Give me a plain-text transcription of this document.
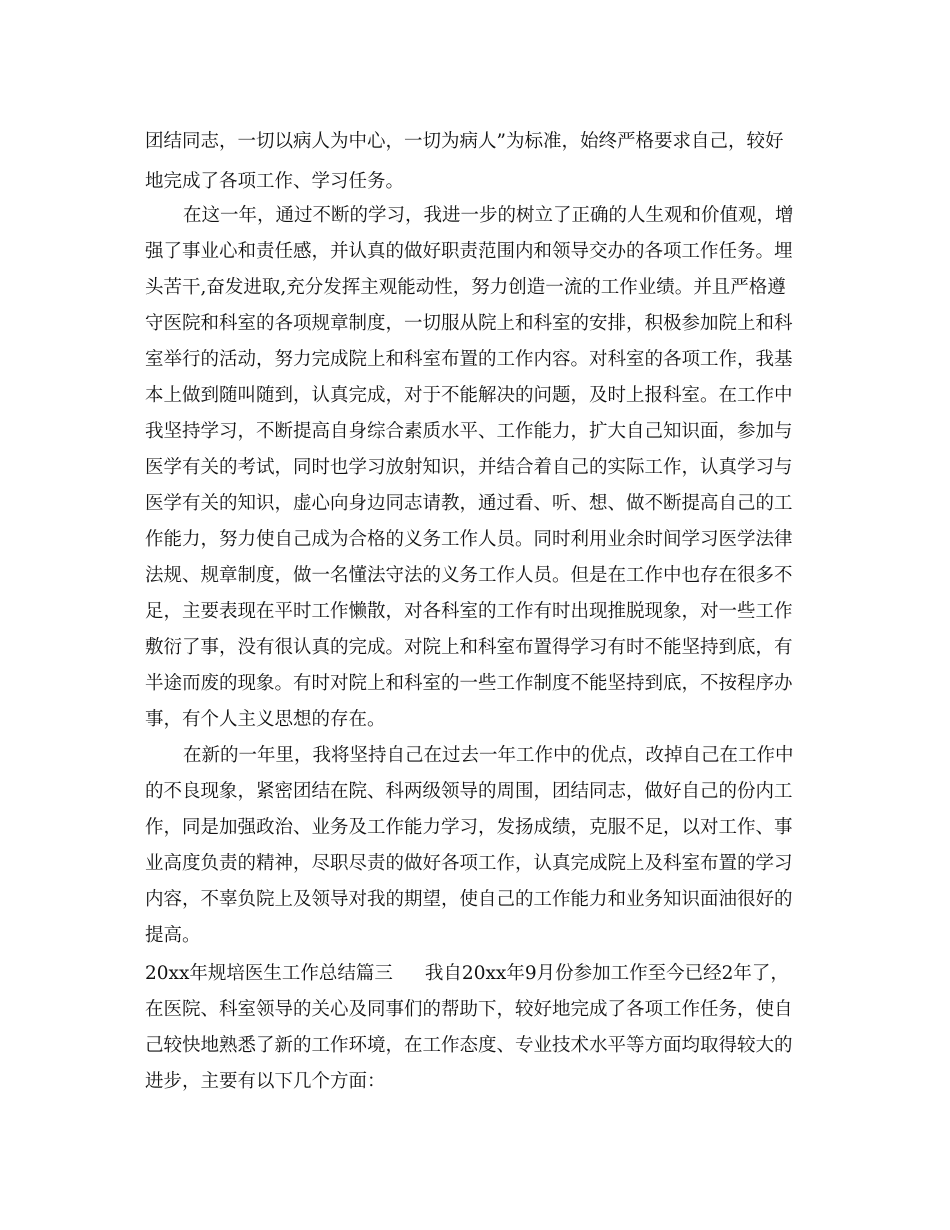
团结同志，一切以病人为中心，一切为病人”为标准，始终严格要求自己，较好

地完成了各项工作、学习任务。

在这一年，通过不断的学习，我进一步的树立了正确的人生观和价值观，增

强了事业心和责任感，并认真的做好职责范围内和领导交办的各项工作任务。埋

头苦干,奋发进取,充分发挥主观能动性，努力创造一流的工作业绩。并且严格遵

守医院和科室的各项规章制度，一切服从院上和科室的安排，积极参加院上和科

室举行的活动，努力完成院上和科室布置的工作内容。对科室的各项工作，我基

本上做到随叫随到，认真完成，对于不能解决的问题，及时上报科室。在工作中

我坚持学习，不断提高自身综合素质水平、工作能力，扩大自己知识面，参加与

医学有关的考试，同时也学习放射知识，并结合着自己的实际工作，认真学习与

医学有关的知识，虚心向身边同志请教，通过看、听、想、做不断提高自己的工

作能力，努力使自己成为合格的义务工作人员。同时利用业余时间学习医学法律

法规、规章制度，做一名懂法守法的义务工作人员。但是在工作中也存在很多不

足，主要表现在平时工作懒散，对各科室的工作有时出现推脱现象，对一些工作

敷衍了事，没有很认真的完成。对院上和科室布置得学习有时不能坚持到底，有

半途而废的现象。有时对院上和科室的一些工作制度不能坚持到底，不按程序办

事，有个人主义思想的存在。

在新的一年里，我将坚持自己在过去一年工作中的优点，改掉自己在工作中

的不良现象，紧密团结在院、科两级领导的周围，团结同志，做好自己的份内工

作，同是加强政治、业务及工作能力学习，发扬成绩，克服不足，以对工作、事

业高度负责的精神，尽职尽责的做好各项工作，认真完成院上及科室布置的学习

内容，不辜负院上及领导对我的期望，使自己的工作能力和业务知识面油很好的

提高。

20xx年规培医生工作总结篇三 我自20xx年9月份参加工作至今已经2年了，

在医院、科室领导的关心及同事们的帮助下，较好地完成了各项工作任务，使自

己较快地熟悉了新的工作环境，在工作态度、专业技术水平等方面均取得较大的

进步，主要有以下几个方面：
